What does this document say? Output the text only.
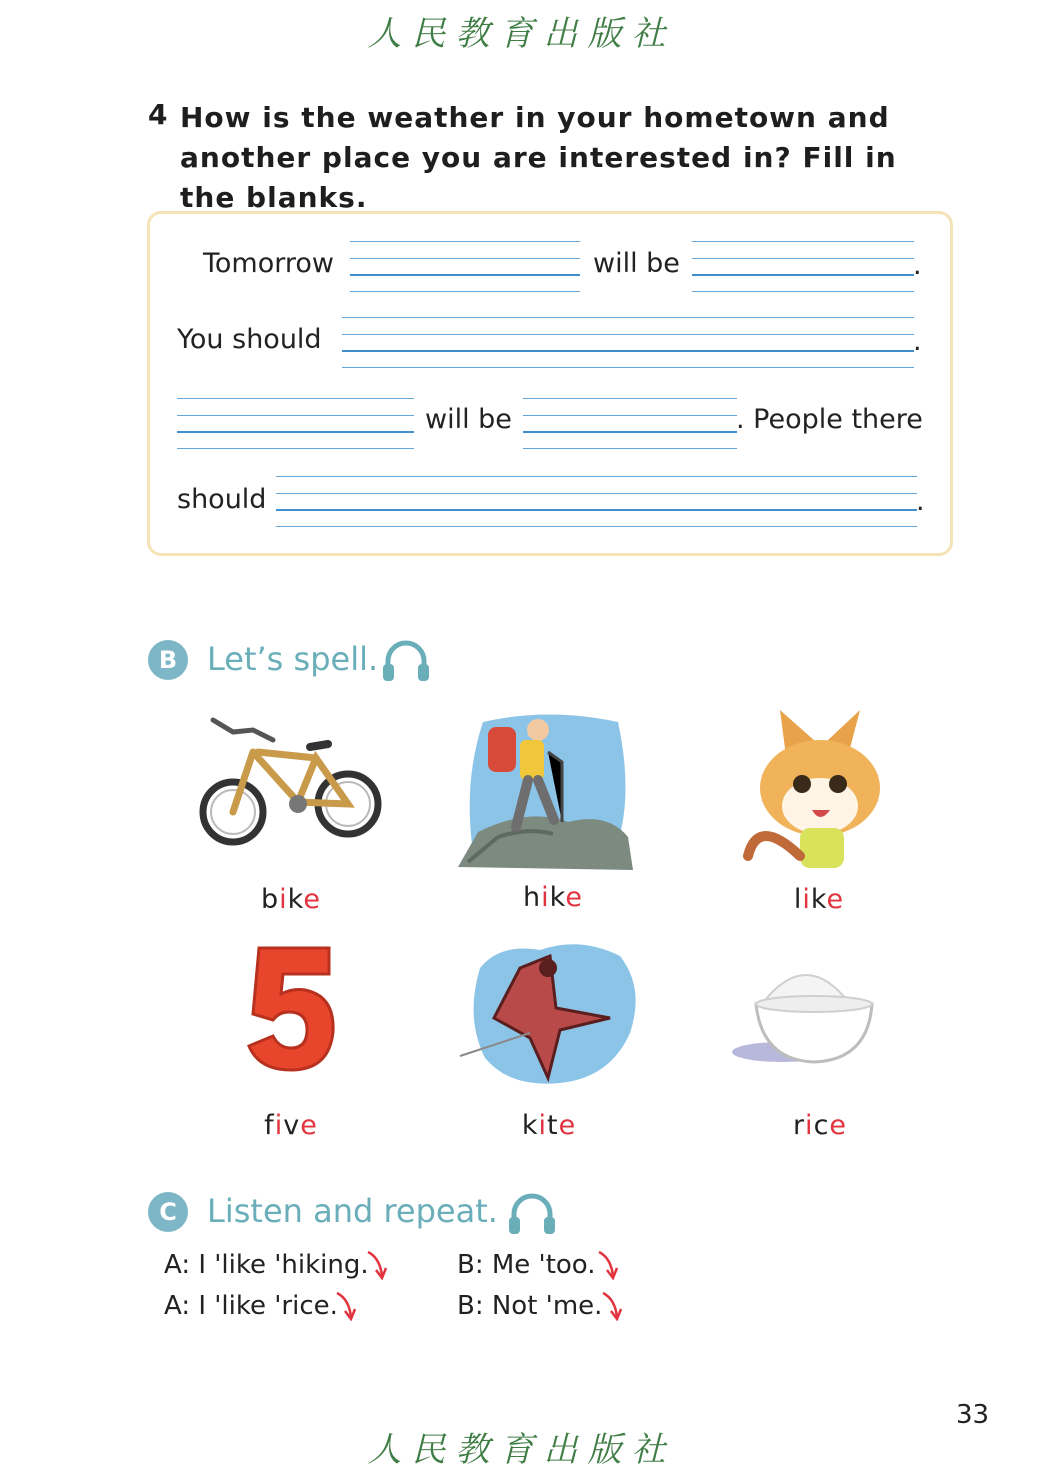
人民教育出版社
4 How is the weather in your hometown and another place you are interested in? Fill in the blanks.
Tomorrow	will be	.
You should	.
will be	. People there
should	.
B Let’s spell.
bike	hike	like
five	kite	rice
C Listen and repeat.
A: I 'like 'hiking.	B: Me 'too.
A: I 'like 'rice.	B: Not 'me.
33
人民教育出版社
